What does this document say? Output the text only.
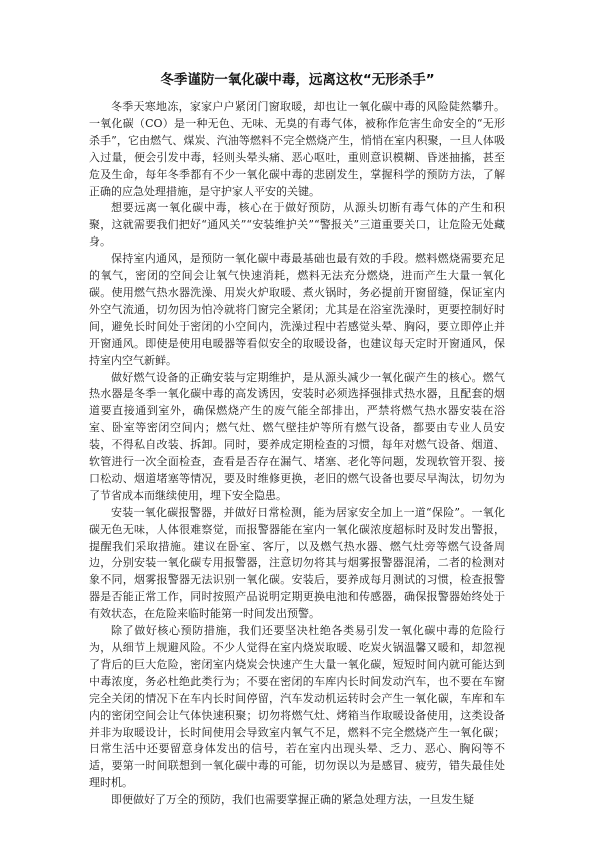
冬季谨防一氧化碳中毒，远离这枚“无形杀手”

冬季天寒地冻，家家户户紧闭门窗取暖，却也让一氧化碳中毒的风险陡然攀升。一氧化碳（CO）是一种无色、无味、无臭的有毒气体，被称作危害生命安全的“无形杀手”，它由燃气、煤炭、汽油等燃料不完全燃烧产生，悄悄在室内积聚，一旦人体吸入过量，便会引发中毒，轻则头晕头痛、恶心呕吐，重则意识模糊、昏迷抽搐，甚至危及生命，每年冬季都有不少一氧化碳中毒的悲剧发生，掌握科学的预防方法，了解正确的应急处理措施，是守护家人平安的关键。

想要远离一氧化碳中毒，核心在于做好预防，从源头切断有毒气体的产生和积聚，这就需要我们把好“通风关”“安装维护关”“警报关”三道重要关口，让危险无处藏身。

保持室内通风，是预防一氧化碳中毒最基础也最有效的手段。燃料燃烧需要充足的氧气，密闭的空间会让氧气快速消耗，燃料无法充分燃烧，进而产生大量一氧化碳。使用燃气热水器洗澡、用炭火炉取暖、煮火锅时，务必提前开窗留缝，保证室内外空气流通，切勿因为怕冷就将门窗完全紧闭；尤其是在浴室洗澡时，更要控制好时间，避免长时间处于密闭的小空间内，洗澡过程中若感觉头晕、胸闷，要立即停止并开窗通风。即使是使用电暖器等看似安全的取暖设备，也建议每天定时开窗通风，保持室内空气新鲜。

做好燃气设备的正确安装与定期维护，是从源头减少一氧化碳产生的核心。燃气热水器是冬季一氧化碳中毒的高发诱因，安装时必须选择强排式热水器，且配套的烟道要直接通到室外，确保燃烧产生的废气能全部排出，严禁将燃气热水器安装在浴室、卧室等密闭空间内；燃气灶、燃气壁挂炉等所有燃气设备，都要由专业人员安装，不得私自改装、拆卸。同时，要养成定期检查的习惯，每年对燃气设备、烟道、软管进行一次全面检查，查看是否存在漏气、堵塞、老化等问题，发现软管开裂、接口松动、烟道堵塞等情况，要及时维修更换，老旧的燃气设备也要尽早淘汰，切勿为了节省成本而继续使用，埋下安全隐患。

安装一氧化碳报警器，并做好日常检测，能为居家安全加上一道“保险”。一氧化碳无色无味，人体很难察觉，而报警器能在室内一氧化碳浓度超标时及时发出警报，提醒我们采取措施。建议在卧室、客厅，以及燃气热水器、燃气灶旁等燃气设备周边，分别安装一氧化碳专用报警器，注意切勿将其与烟雾报警器混淆，二者的检测对象不同，烟雾报警器无法识别一氧化碳。安装后，要养成每月测试的习惯，检查报警器是否能正常工作，同时按照产品说明定期更换电池和传感器，确保报警器始终处于有效状态，在危险来临时能第一时间发出预警。

除了做好核心预防措施，我们还要坚决杜绝各类易引发一氧化碳中毒的危险行为，从细节上规避风险。不少人觉得在室内烧炭取暖、吃炭火锅温馨又暖和，却忽视了背后的巨大危险，密闭室内烧炭会快速产生大量一氧化碳，短短时间内就可能达到中毒浓度，务必杜绝此类行为；不要在密闭的车库内长时间发动汽车，也不要在车窗完全关闭的情况下在车内长时间停留，汽车发动机运转时会产生一氧化碳，车库和车内的密闭空间会让气体快速积聚；切勿将燃气灶、烤箱当作取暖设备使用，这类设备并非为取暖设计，长时间使用会导致室内氧气不足，燃料不完全燃烧产生一氧化碳；日常生活中还要留意身体发出的信号，若在室内出现头晕、乏力、恶心、胸闷等不适，要第一时间联想到一氧化碳中毒的可能，切勿误以为是感冒、疲劳，错失最佳处理时机。

即便做好了万全的预防，我们也需要掌握正确的紧急处理方法，一旦发生疑
